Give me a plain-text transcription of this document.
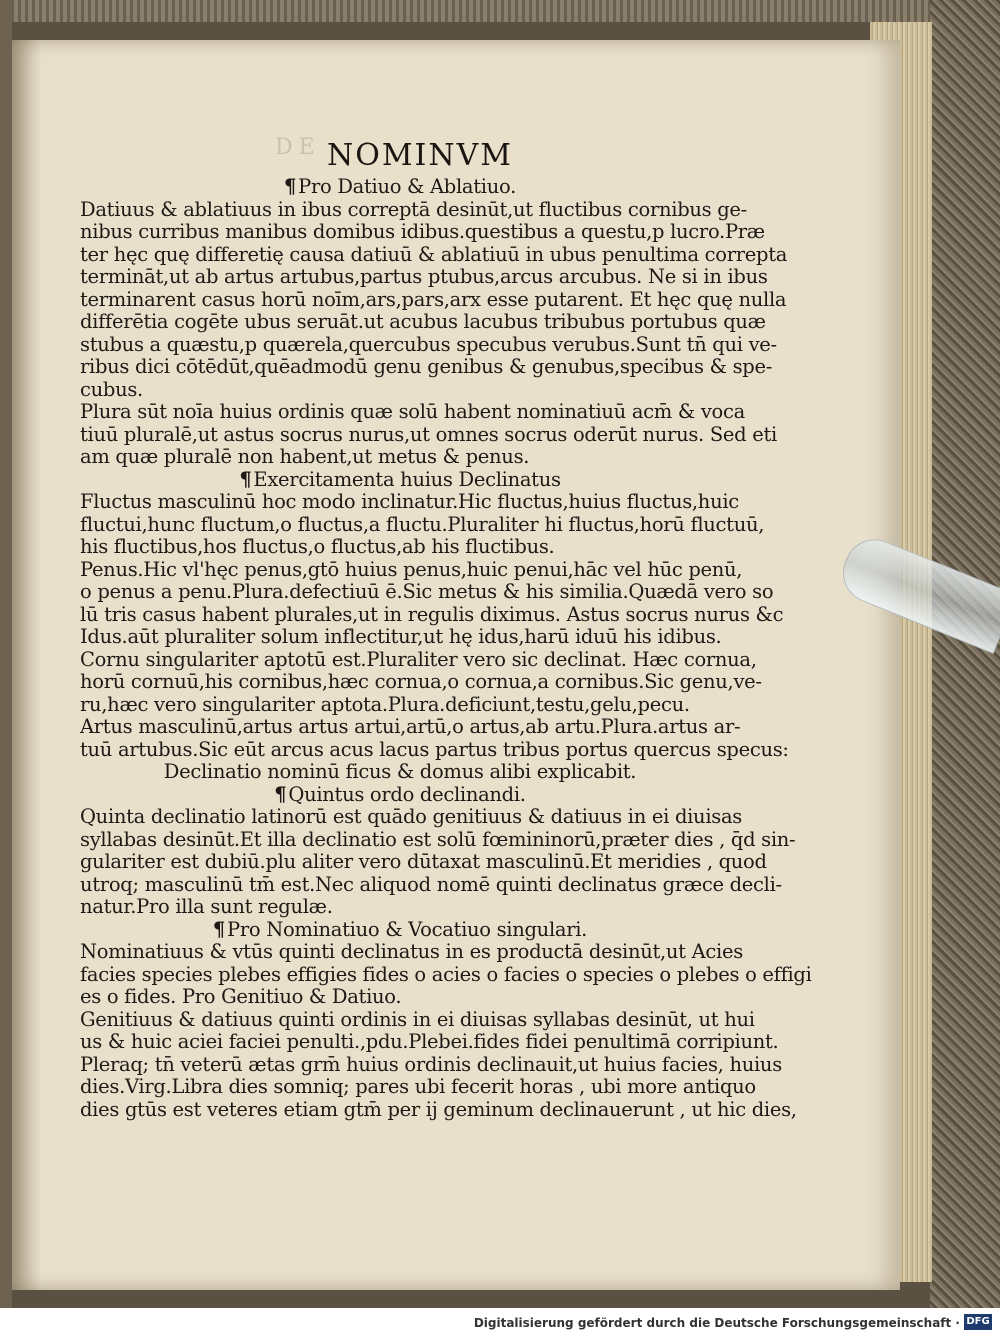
DE NOMINVM
¶ Pro Datiuo & Ablatiuo.
Datiuus & ablatiuus in ibus correptā desinūt,ut fluctibus cornibus ge-
nibus curribus manibus domibus idibus.questibus a questu,p lucro.Præ
ter hęc quę differetię causa datiuū & ablatiuū in ubus penultima correpta
termināt,ut ab artus artubus,partus ptubus,arcus arcubus. Ne si in ibus
terminarent casus horū noīm,ars,pars,arx esse putarent. Et hęc quę nulla
differētia cogēte ubus seruāt.ut acubus lacubus tribubus portubus quæ
stubus a quæstu,p quærela,quercubus specubus verubus.Sunt tn̄ qui ve-
ribus dici cōtēdūt,quēadmodū genu genibus & genubus,specibus & spe-
cubus.
Plura sūt noīa huius ordinis quæ solū habent nominatiuū acm̄ & voca
tiuū pluralē,ut astus socrus nurus,ut omnes socrus oderūt nurus. Sed eti
am quæ pluralē non habent,ut metus & penus.
¶ Exercitamenta huius Declinatus
Fluctus masculinū hoc modo inclinatur.Hic fluctus,huius fluctus,huic
fluctui,hunc fluctum,o fluctus,a fluctu.Pluraliter hi fluctus,horū fluctuū,
his fluctibus,hos fluctus,o fluctus,ab his fluctibus.
Penus.Hic vl'hęc penus,gtō huius penus,huic penui,hāc vel hūc penū,
o penus a penu.Plura.defectiuū ē.Sic metus & his similia.Quædā vero so
lū tris casus habent plurales,ut in regulis diximus. Astus socrus nurus &c
Idus.aūt pluraliter solum inflectitur,ut hę idus,harū iduū his idibus.
Cornu singulariter aptotū est.Pluraliter vero sic declinat. Hæc cornua,
horū cornuū,his cornibus,hæc cornua,o cornua,a cornibus.Sic genu,ve-
ru,hæc vero singulariter aptota.Plura.deficiunt,testu,gelu,pecu.
Artus masculinū,artus artus artui,artū,o artus,ab artu.Plura.artus ar-
tuū artubus.Sic eūt arcus acus lacus partus tribus portus quercus specus:
Declinatio nominū ficus & domus alibi explicabit.
¶ Quintus ordo declinandi.
Quinta declinatio latinorū est quādo genitiuus & datiuus in ei diuisas
syllabas desinūt.Et illa declinatio est solū fœmininorū,præter dies , q̄d sin-
gulariter est dubiū.plu aliter vero dūtaxat masculinū.Et meridies , quod
utroq; masculinū tm̄ est.Nec aliquod nomē quinti declinatus græce decli-
natur.Pro illa sunt regulæ.
¶ Pro Nominatiuo & Vocatiuo singulari.
Nominatiuus & vtūs quinti declinatus in es productā desinūt,ut Acies
facies species plebes effigies fides o acies o facies o species o plebes o effigi
es o fides. Pro Genitiuo & Datiuo.
Genitiuus & datiuus quinti ordinis in ei diuisas syllabas desinūt, ut hui
us & huic aciei faciei penulti.,pdu.Plebei.fides fidei penultimā corripiunt.
Pleraq; tn̄ veterū ætas grm̄ huius ordinis declinauit,ut huius facies, huius
dies.Virg.Libra dies somniq; pares ubi fecerit horas , ubi more antiquo
dies gtūs est veteres etiam gtm̄ per ij geminum declinauerunt , ut hic dies,
Digitalisierung gefördert durch die Deutsche Forschungsgemeinschaft · DFG
